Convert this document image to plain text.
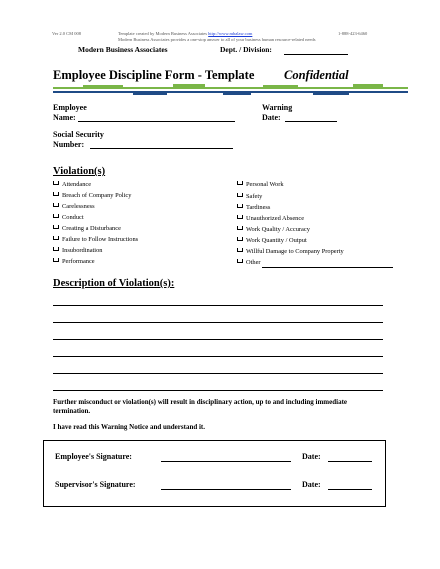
Ver 2.0 CM 008	Template created by Modern Business Associates http://www.mbalaw.com	1-888-423-6460
Modern Business Associates provides a one-stop answer to all of your business human resource-related needs
Modern Business Associates	Dept. / Division:
Employee Discipline Form - Template Confidential
Employee
Name:
Warning
Date:
Social Security
Number:
Violation(s)
Attendance
Breach of Company Policy
Carelessness
Conduct
Creating a Disturbance
Failure to Follow Instructions
Insubordination
Performance
Personal Work
Safety
Tardiness
Unauthorized Absence
Work Quality / Accuracy
Work Quantity / Output
Willful Damage to Company Property
Other
Description of Violation(s):
Further misconduct or violation(s) will result in disciplinary action, up to and including immediate termination.
I have read this Warning Notice and understand it.
Employee's Signature:	Date:
Supervisor's Signature:	Date:
